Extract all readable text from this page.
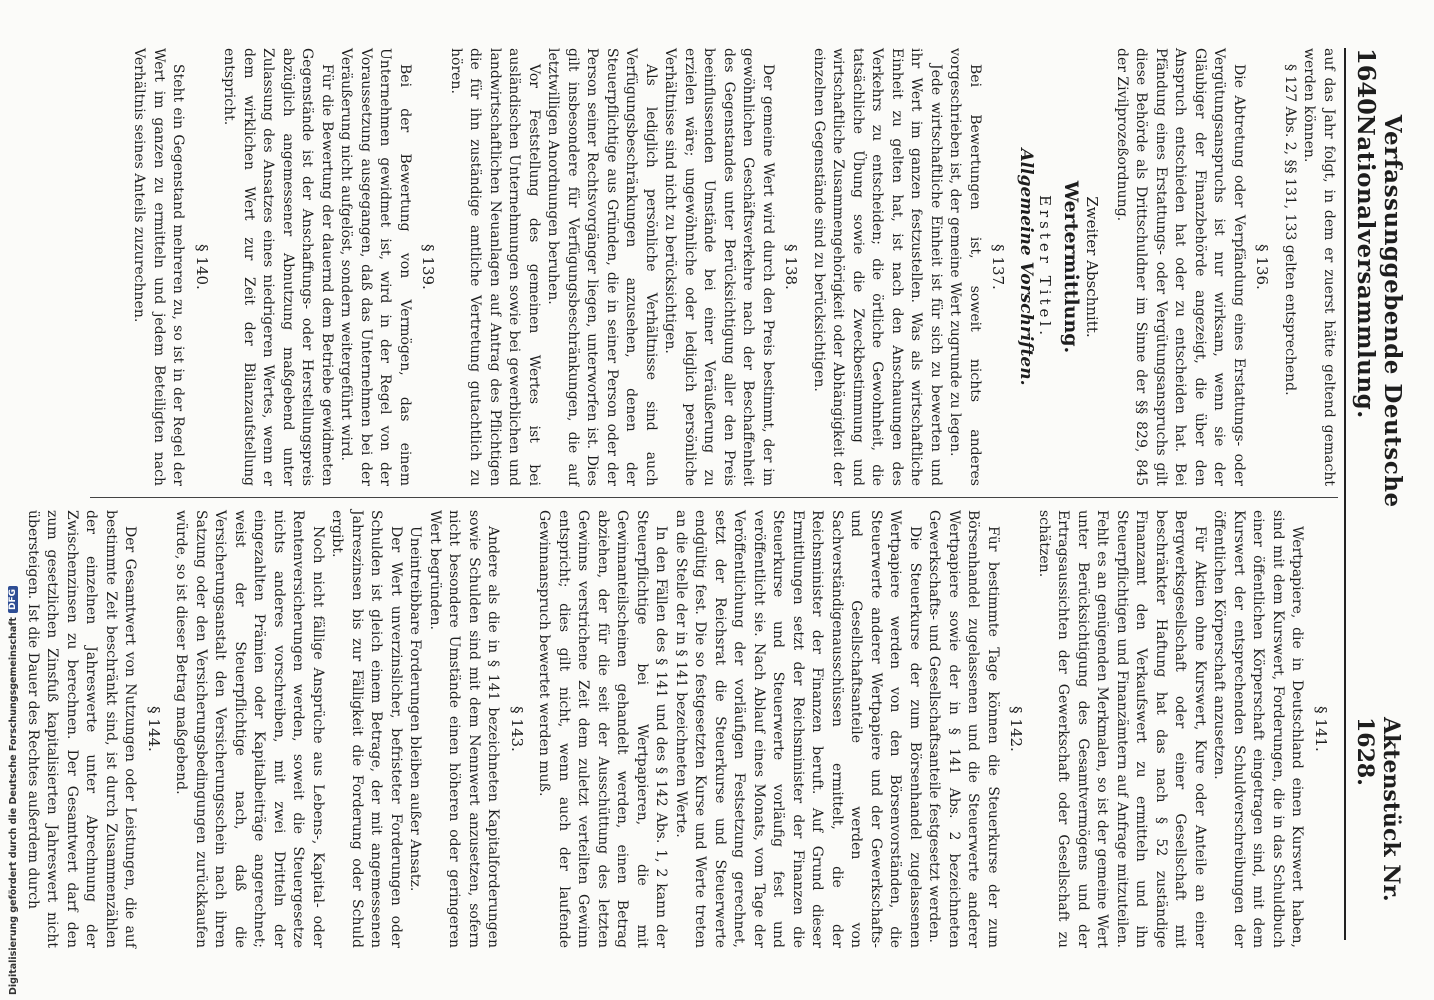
1640
Verfassunggebende Deutsche Nationalversammlung.
Aktenstück Nr. 1628.

auf das Jahr folgt, in dem er zuerst hätte geltend gemacht werden können.

§ 127 Abs. 2, §§ 131, 133 gelten entsprechend.

§ 136.

Die Abtretung oder Verpfändung eines Erstattungs- oder Vergütungsanspruchs ist nur wirksam, wenn sie der Gläubiger der Finanzbehörde angezeigt, die über den Anspruch entschieden hat oder zu entscheiden hat. Bei Pfändung eines Erstattungs- oder Vergütungsanspruchs gilt diese Behörde als Drittschuldner im Sinne der §§ 829, 845 der Zivilprozeßordnung.

Zweiter Abschnitt.
Wertermittlung.
Erster Titel.
Allgemeine Vorschriften.
§ 137.

Bei Bewertungen ist, soweit nichts anderes vorgeschrieben ist, der gemeine Wert zugrunde zu legen.

Jede wirtschaftliche Einheit ist für sich zu bewerten und ihr Wert im ganzen festzustellen. Was als wirtschaftliche Einheit zu gelten hat, ist nach den Anschauungen des Verkehrs zu entscheiden; die örtliche Gewohnheit, die tatsächliche Übung sowie die Zweckbestimmung und wirtschaftliche Zusammengehörigkeit oder Abhängigkeit der einzelnen Gegenstände sind zu berücksichtigen.

§ 138.

Der gemeine Wert wird durch den Preis bestimmt, der im gewöhnlichen Geschäftsverkehre nach der Beschaffenheit des Gegenstandes unter Berücksichtigung aller den Preis beeinflussenden Umstände bei einer Veräußerung zu erzielen wäre; ungewöhnliche oder lediglich persönliche Verhältnisse sind nicht zu berücksichtigen.

Als lediglich persönliche Verhältnisse sind auch Verfügungsbeschränkungen anzusehen, denen der Steuerpflichtige aus Gründen, die in seiner Person oder der Person seiner Rechtsvorgänger liegen, unterworfen ist. Dies gilt insbesondere für Verfügungsbeschränkungen, die auf letztwilligen Anordnungen beruhen.

Vor Feststellung des gemeinen Wertes ist bei ausländischen Unternehmungen sowie bei gewerblichen und landwirtschaftlichen Neuanlagen auf Antrag des Pflichtigen die für ihn zuständige amtliche Vertretung gutachtlich zu hören.

§ 139.

Bei der Bewertung von Vermögen, das einem Unternehmen gewidmet ist, wird in der Regel von der Voraussetzung ausgegangen, daß das Unternehmen bei der Veräußerung nicht aufgelöst, sondern weitergeführt wird.

Für die Bewertung der dauernd dem Betriebe gewidmeten Gegenstände ist der Anschaffungs- oder Herstellungspreis abzüglich angemessener Abnutzung maßgebend unter Zulassung des Ansatzes eines niedrigeren Wertes, wenn er dem wirklichen Wert zur Zeit der Bilanzaufstellung entspricht.

§ 140.

Steht ein Gegenstand mehreren zu, so ist in der Regel der Wert im ganzen zu ermitteln und jedem Beteiligten nach Verhältnis seines Anteils zuzurechnen.

§ 141.

Wertpapiere, die in Deutschland einen Kurswert haben, sind mit dem Kurswert, Forderungen, die in das Schuldbuch einer öffentlichen Körperschaft eingetragen sind, mit dem Kurswert der entsprechenden Schuldverschreibungen der öffentlichen Körperschaft anzusetzen.

Für Aktien ohne Kurswert, Kure oder Anteile an einer Bergwerksgesellschaft oder einer Gesellschaft mit beschränkter Haftung hat das nach § 52 zuständige Finanzamt den Verkaufswert zu ermitteln und ihn Steuerpflichtigen und Finanzämtern auf Anfrage mitzuteilen. Fehlt es an genügenden Merkmalen, so ist der gemeine Wert unter Berücksichtigung des Gesamtvermögens und der Ertragsaussichten der Gewerkschaft oder Gesellschaft zu schätzen.

§ 142.

Für bestimmte Tage können die Steuerkurse der zum Börsenhandel zugelassenen und die Steuerwerte anderer Wertpapiere sowie der in § 141 Abs. 2 bezeichneten Gewerkschafts- und Gesellschaftsanteile festgesetzt werden.

Die Steuerkurse der zum Börsenhandel zugelassenen Wertpapiere werden von den Börsenvorständen, die Steuerwerte anderer Wertpapiere und der Gewerkschafts- und Gesellschaftsanteile werden von Sachverständigenausschüssen ermittelt, die der Reichsminister der Finanzen beruft. Auf Grund dieser Ermittlungen setzt der Reichsminister der Finanzen die Steuerkurse und Steuerwerte vorläufig fest und veröffentlicht sie. Nach Ablauf eines Monats, vom Tage der Veröffentlichung der vorläufigen Festsetzung gerechnet, setzt der Reichsrat die Steuerkurse und Steuerwerte endgültig fest. Die so festgesetzten Kurse und Werte treten an die Stelle der in § 141 bezeichneten Werte.

In den Fällen des § 141 und des § 142 Abs. 1, 2 kann der Steuerpflichtige bei Wertpapieren, die mit Gewinnanteilscheinen gehandelt werden, einen Betrag abziehen, der für die seit der Ausschüttung des letzten Gewinns verstrichene Zeit dem zuletzt verteilten Gewinn entspricht; dies gilt nicht, wenn auch der laufende Gewinnanspruch bewertet werden muß.

§ 143.

Andere als die in § 141 bezeichneten Kapitalforderungen sowie Schulden sind mit dem Nennwert anzusetzen, sofern nicht besondere Umstände einen höheren oder geringeren Wert begründen.

Uneintreibbare Forderungen bleiben außer Ansatz.

Der Wert unverzinslicher, befristeter Forderungen oder Schulden ist gleich einem Betrage, der mit angemessenen Jahreszinsen bis zur Fälligkeit die Forderung oder Schuld ergibt.

Noch nicht fällige Ansprüche aus Lebens-, Kapital- oder Rentenversicherungen werden, soweit die Steuergesetze nichts anderes vorschreiben, mit zwei Dritteln der eingezahlten Prämien oder Kapitalbeiträge angerechnet; weist der Steuerpflichtige nach, daß die Versicherungsanstalt den Versicherungsschein nach ihren Satzung oder den Versicherungsbedingungen zurückkaufen würde, so ist dieser Betrag maßgebend.

§ 144.

Der Gesamtwert von Nutzungen oder Leistungen, die auf bestimmte Zeit beschränkt sind, ist durch Zusammenzählen der einzelnen Jahreswerte unter Abrechnung der Zwischenzinsen zu berechnen. Der Gesamtwert darf den zum gesetzlichen Zinsfuß kapitalisierten Jahreswert nicht übersteigen. Ist die Dauer des Rechtes außerdem durch

Digitalisierung gefördert durch die Deutsche Forschungsgemeinschaft
DFG
